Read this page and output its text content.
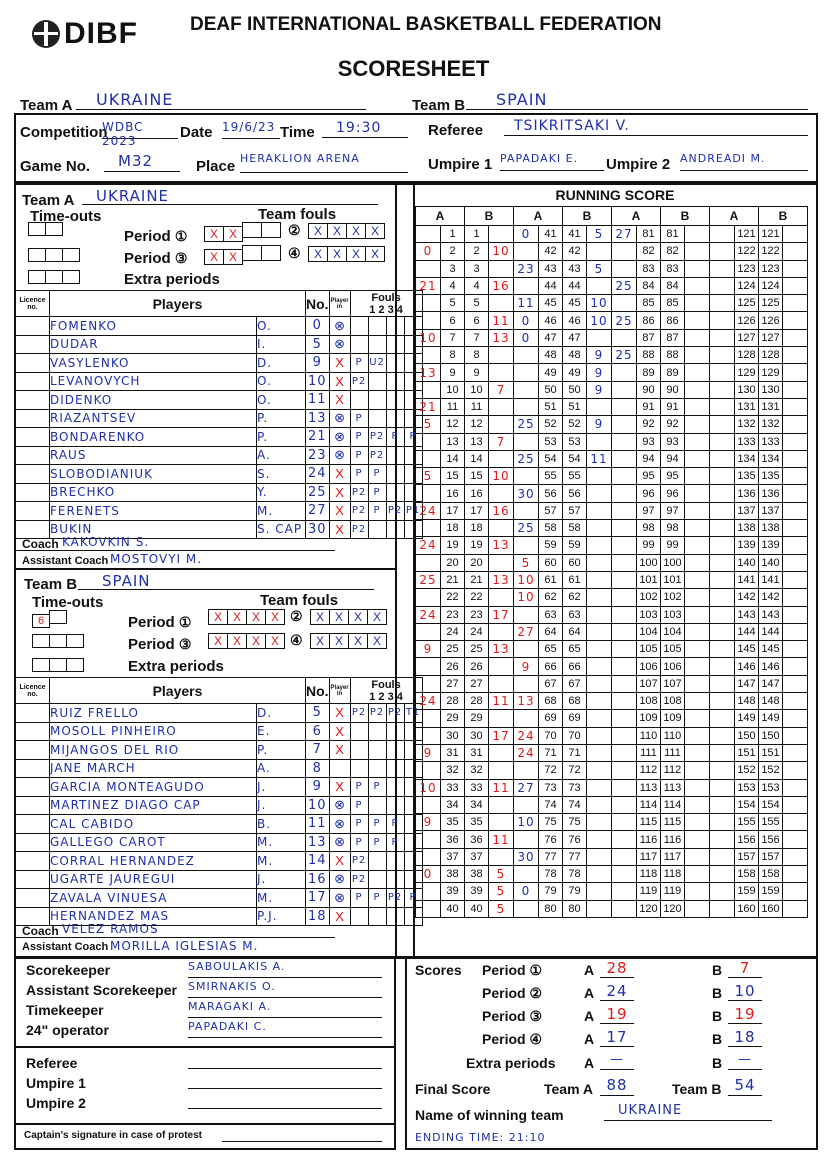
DIBF	DEAF INTERNATIONAL BASKETBALL FEDERATION
SCORESHEET
Team A	UKRAINE	Team B	SPAIN
Competition
WDBC 2023	Date 19/6/23 Time	19:30	Referee	TSIKRITSAKI V.
Game No.	M32	Place HERAKLION ARENA	Umpire 1 PAPADAKI E.	Umpire 2 ANDREADI M.
Team A	UKRAINE
Time-outs	Team fouls
Period ①	X X	②	X X X X
Period ③	X X	④	X X X X
Extra periods
Licence no.	Players		No.	Player in	Fouls
1 2 3 4			
	FOMENKO	O.	0	⊗				
	DUDAR	I.	5	⊗				
	VASYLENKO	D.	9	X	P	U2		
	LEVANOVYCH	O.	10	X	P2			
	DIDENKO	O.	11	X				
	RIAZANTSEV	P.	13	⊗	P			
	BONDARENKO	P.	21	⊗	P	P2	P	P
	RAUS	A.	23	⊗	P	P2		
	SLOBODIANIUK	S.	24	X	P	P		
	BRECHKO	Y.	25	X	P2	P		
	FERENETS	M.	27	X	P2	P	P2	P1
	BUKIN	S. CAP	30	X	P2			
Coach KAKOVKIN S.
Assistant Coach MOSTOVYI M.
Team B	SPAIN
Time-outs	Team fouls
6	Period ①	X X X X ②	X X X X
Period ③	X X X X ④	X X X X
Extra periods
Licence no.	Players		No.	Player in	Fouls
1 2 3 4			
	RUIZ FRELLO	D.	5	X	P2	P2	P2	T1
	MOSOLL PINHEIRO	E.	6	X				
	MIJANGOS DEL RIO	P.	7	X				
	JANE MARCH	A.	8					
	GARCIA MONTEAGUDO	J.	9	X	P	P		
	MARTINEZ DIAGO CAP	J.	10	⊗	P			
	CAL CABIDO	B.	11	⊗	P	P	P	
	GALLEGO CAROT	M.	13	⊗	P	P	P	
	CORRAL HERNANDEZ	M.	14	X	P2			
	UGARTE JAUREGUI	J.	16	⊗	P2			
	ZAVALA VINUESA	M.	17	⊗	P	P	P2	P
	HERNANDEZ MAS	P.J.	18	X				
Coach VELEZ RAMOS
Assistant Coach MORILLA IGLESIAS M.
RUNNING SCORE
A		B		A		B		A		B		A		B	
	1	1		0	41	41	5	27	81	81			121	121	
0	2	2	10		42	42			82	82			122	122	
	3	3		23	43	43	5		83	83			123	123	
21	4	4	16		44	44		25	84	84			124	124	
	5	5		11	45	45	10		85	85			125	125	
	6	6	11	0	46	46	10	25	86	86			126	126	
10	7	7	13	0	47	47			87	87			127	127	
	8	8			48	48	9	25	88	88			128	128	
13	9	9			49	49	9		89	89			129	129	
	10	10	7		50	50	9		90	90			130	130	
21	11	11			51	51			91	91			131	131	
5	12	12		25	52	52	9		92	92			132	132	
	13	13	7		53	53			93	93			133	133	
	14	14		25	54	54	11		94	94			134	134	
5	15	15	10		55	55			95	95			135	135	
	16	16		30	56	56			96	96			136	136	
24	17	17	16		57	57			97	97			137	137	
	18	18		25	58	58			98	98			138	138	
24	19	19	13		59	59			99	99			139	139	
	20	20		5	60	60			100	100			140	140	
25	21	21	13	10	61	61			101	101			141	141	
	22	22		10	62	62			102	102			142	142	
24	23	23	17		63	63			103	103			143	143	
	24	24		27	64	64			104	104			144	144	
9	25	25	13		65	65			105	105			145	145	
	26	26		9	66	66			106	106			146	146	
	27	27			67	67			107	107			147	147	
24	28	28	11	13	68	68			108	108			148	148	
	29	29			69	69			109	109			149	149	
	30	30	17	24	70	70			110	110			150	150	
9	31	31		24	71	71			111	111			151	151	
	32	32			72	72			112	112			152	152	
10	33	33	11	27	73	73			113	113			153	153	
	34	34			74	74			114	114			154	154	
9	35	35		10	75	75			115	115			155	155	
	36	36	11		76	76			116	116			156	156	
	37	37		30	77	77			117	117			157	157	
0	38	38	5		78	78			118	118			158	158	
	39	39	5	0	79	79			119	119			159	159	
	40	40	5		80	80			120	120			160	160	
Scorekeeper	SABOULAKIS A.
Assistant Scorekeeper SMIRNAKIS O.
Timekeeper	MARAGAKI A.
24" operator	PAPADAKI C.
Referee
Umpire 1
Umpire 2
Captain's signature in case of protest
Scores Period ①	A 28	B	7
Period ②	A 24	B 10
Period ③	A 19	B 19
Period ④	A 17	B 18
Extra periods A	—	B	—
Final Score	Team A 88	Team B 54
Name of winning team	UKRAINE
ENDING TIME: 21:10
